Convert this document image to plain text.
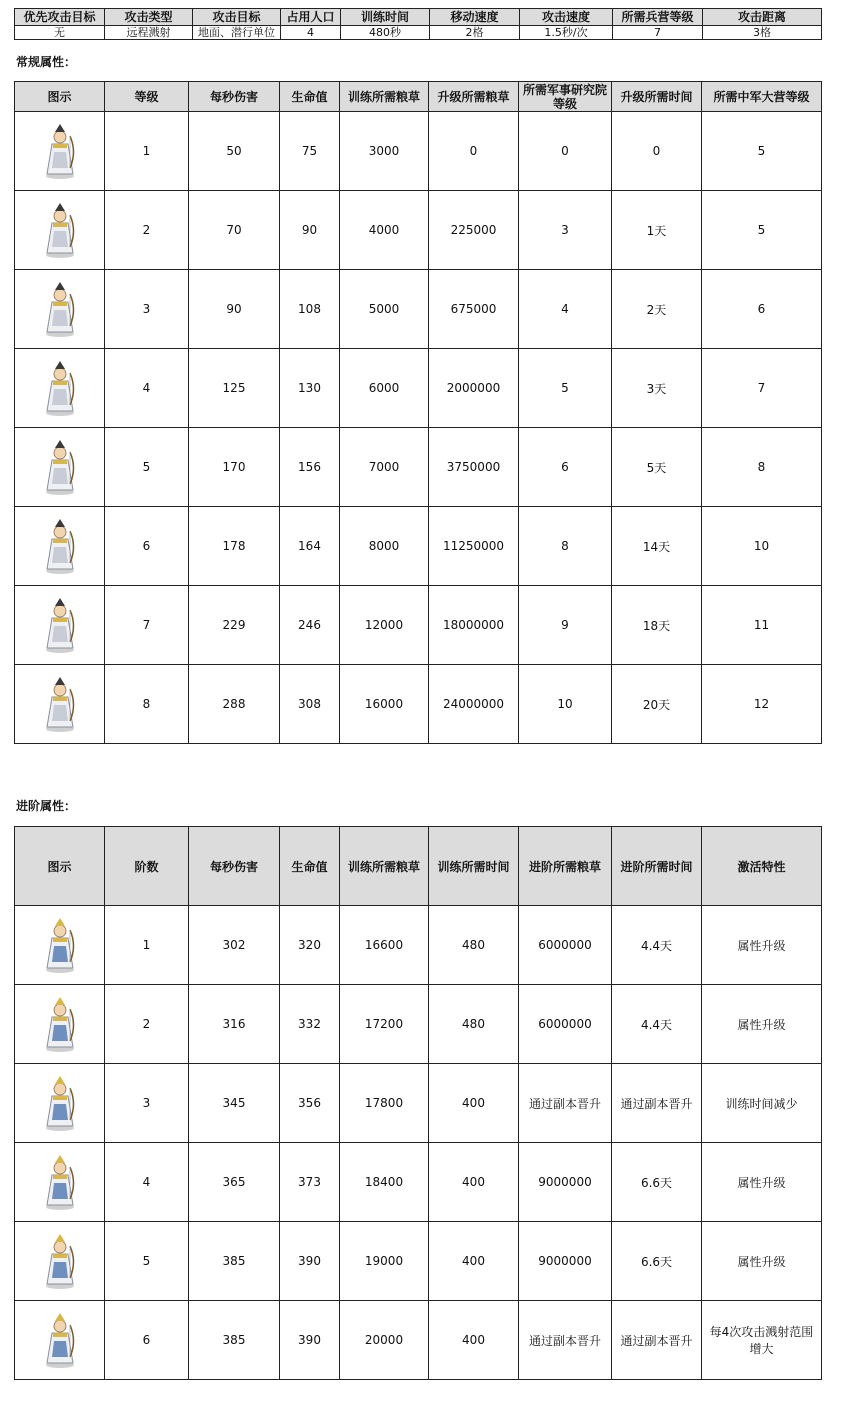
优先攻击目标	攻击类型	攻击目标	占用人口	训练时间	移动速度	攻击速度	所需兵营等级	攻击距离
无	远程溅射	地面、潜行单位	4	480秒	2格	1.5秒/次	7	3格
常规属性：
图示	等级	每秒伤害	生命值	训练所需粮草	升级所需粮草	所需军事研究院等级	升级所需时间	所需中军大营等级

	1	50	75	3000	0	0	0	5

	2	70	90	4000	225000	3	1天	5

	3	90	108	5000	675000	4	2天	6

	4	125	130	6000	2000000	5	3天	7

	5	170	156	7000	3750000	6	5天	8

	6	178	164	8000	11250000	8	14天	10

	7	229	246	12000	18000000	9	18天	11

	8	288	308	16000	24000000	10	20天	12
进阶属性：
图示	阶数	每秒伤害	生命值	训练所需粮草	训练所需时间	进阶所需粮草	进阶所需时间	激活特性

	1	302	320	16600	480	6000000	4.4天	属性升级

	2	316	332	17200	480	6000000	4.4天	属性升级

	3	345	356	17800	400	通过副本晋升	通过副本晋升	训练时间减少

	4	365	373	18400	400	9000000	6.6天	属性升级

	5	385	390	19000	400	9000000	6.6天	属性升级

	6	385	390	20000	400	通过副本晋升	通过副本晋升	每4次攻击溅射范围增大
